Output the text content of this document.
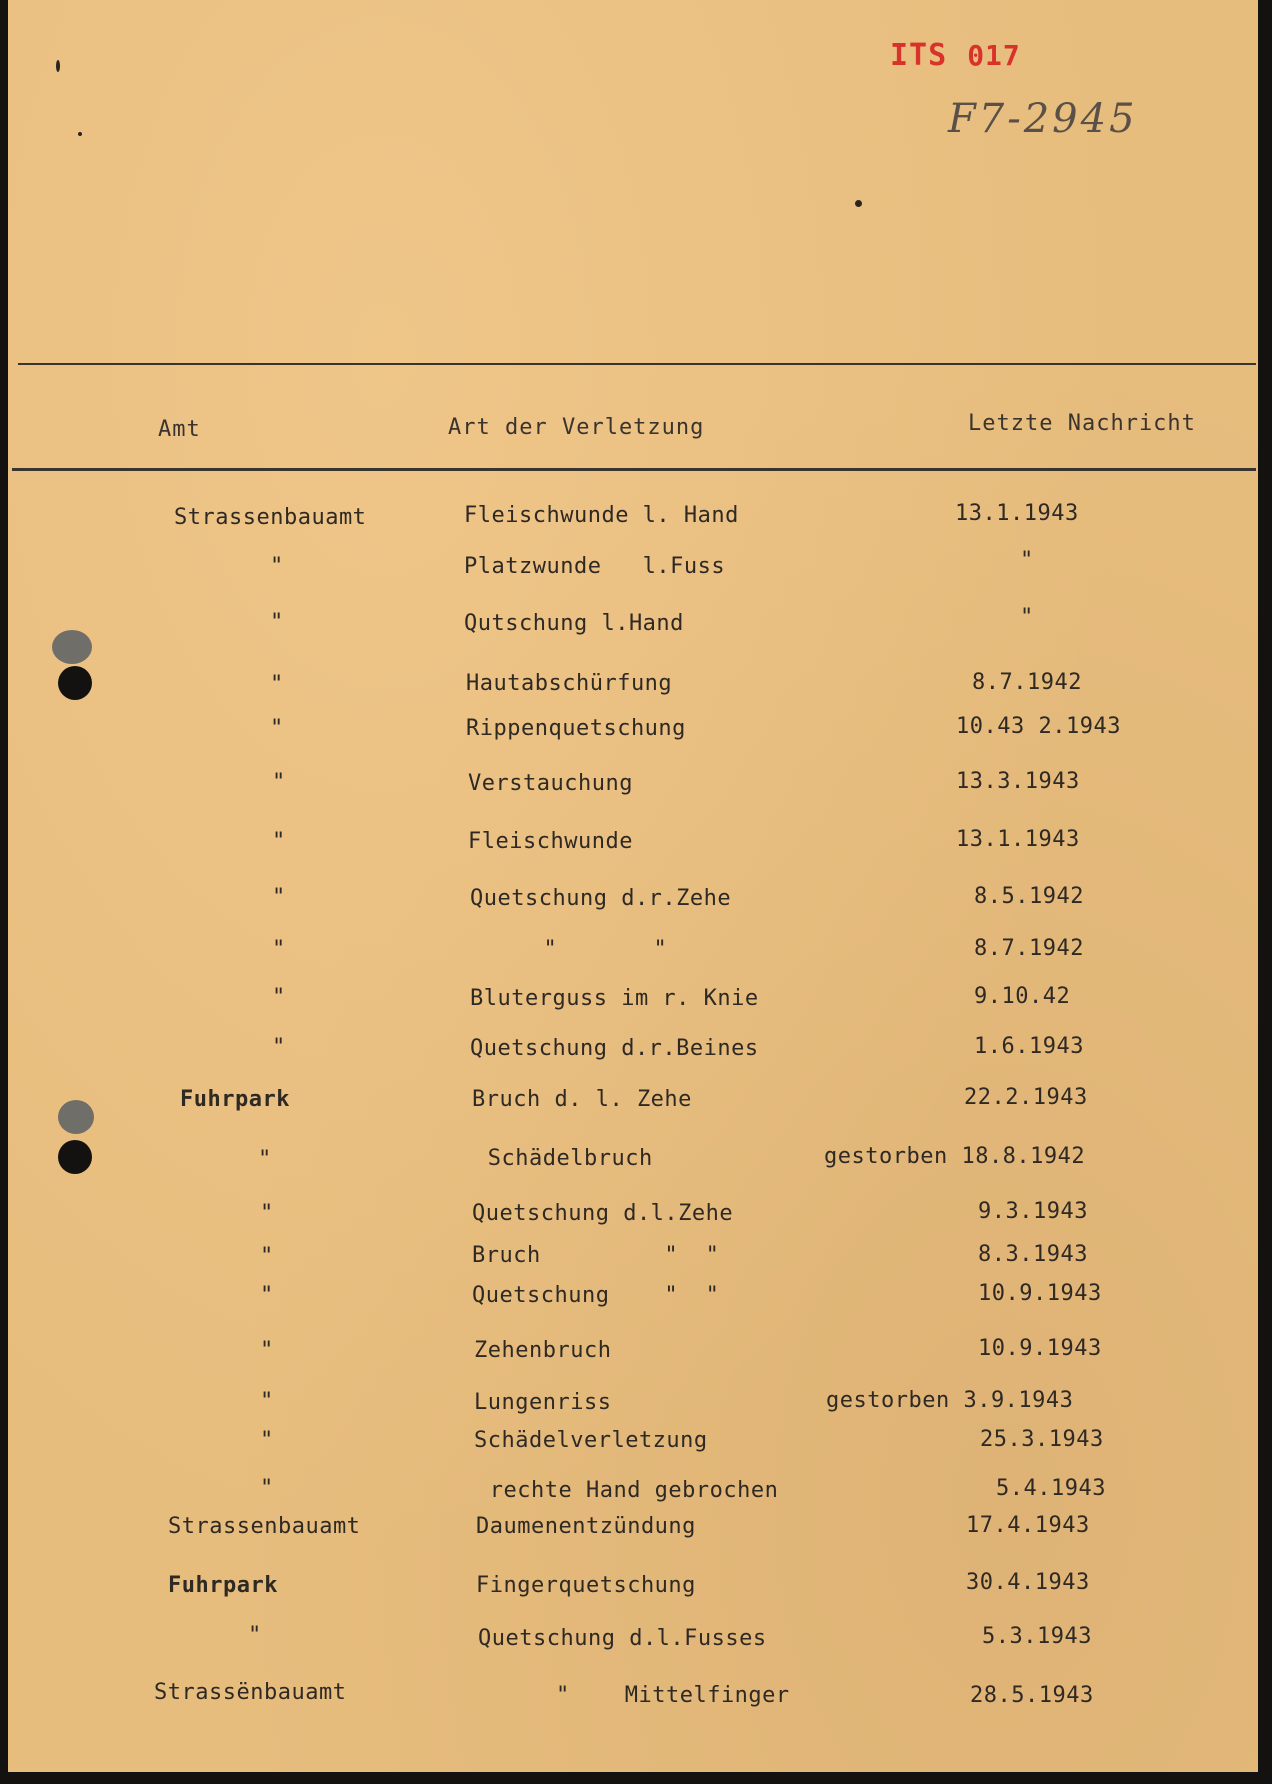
ITS 017
F7-2945
Amt	Art der Verletzung	Letzte Nachricht
Strassenbauamt	Fleischwunde l. Hand	13.1.1943
"	Platzwunde   l.Fuss	"
"	Qutschung l.Hand	"
"	Hautabschürfung	8.7.1942
"	Rippenquetschung	10.43 2.1943
"	Verstauchung	13.3.1943
"	Fleischwunde	13.1.1943
"	Quetschung d.r.Zehe	8.5.1942
"	"       "	8.7.1942
"	Bluterguss im r. Knie	9.10.42
"	Quetschung d.r.Beines	1.6.1943
Fuhrpark	Bruch d. l. Zehe	22.2.1943
"	Schädelbruch	gestorben 18.8.1942
"	Quetschung d.l.Zehe	9.3.1943
"	Bruch         "  "	8.3.1943
"	Quetschung    "  "	10.9.1943
"	Zehenbruch	10.9.1943
"	Lungenriss	gestorben 3.9.1943
"	Schädelverletzung	25.3.1943
"	rechte Hand gebrochen	5.4.1943
Strassenbauamt	Daumenentzündung	17.4.1943
Fuhrpark	Fingerquetschung	30.4.1943
"	Quetschung d.l.Fusses	5.3.1943
Strassënbauamt	"    Mittelfinger	28.5.1943
